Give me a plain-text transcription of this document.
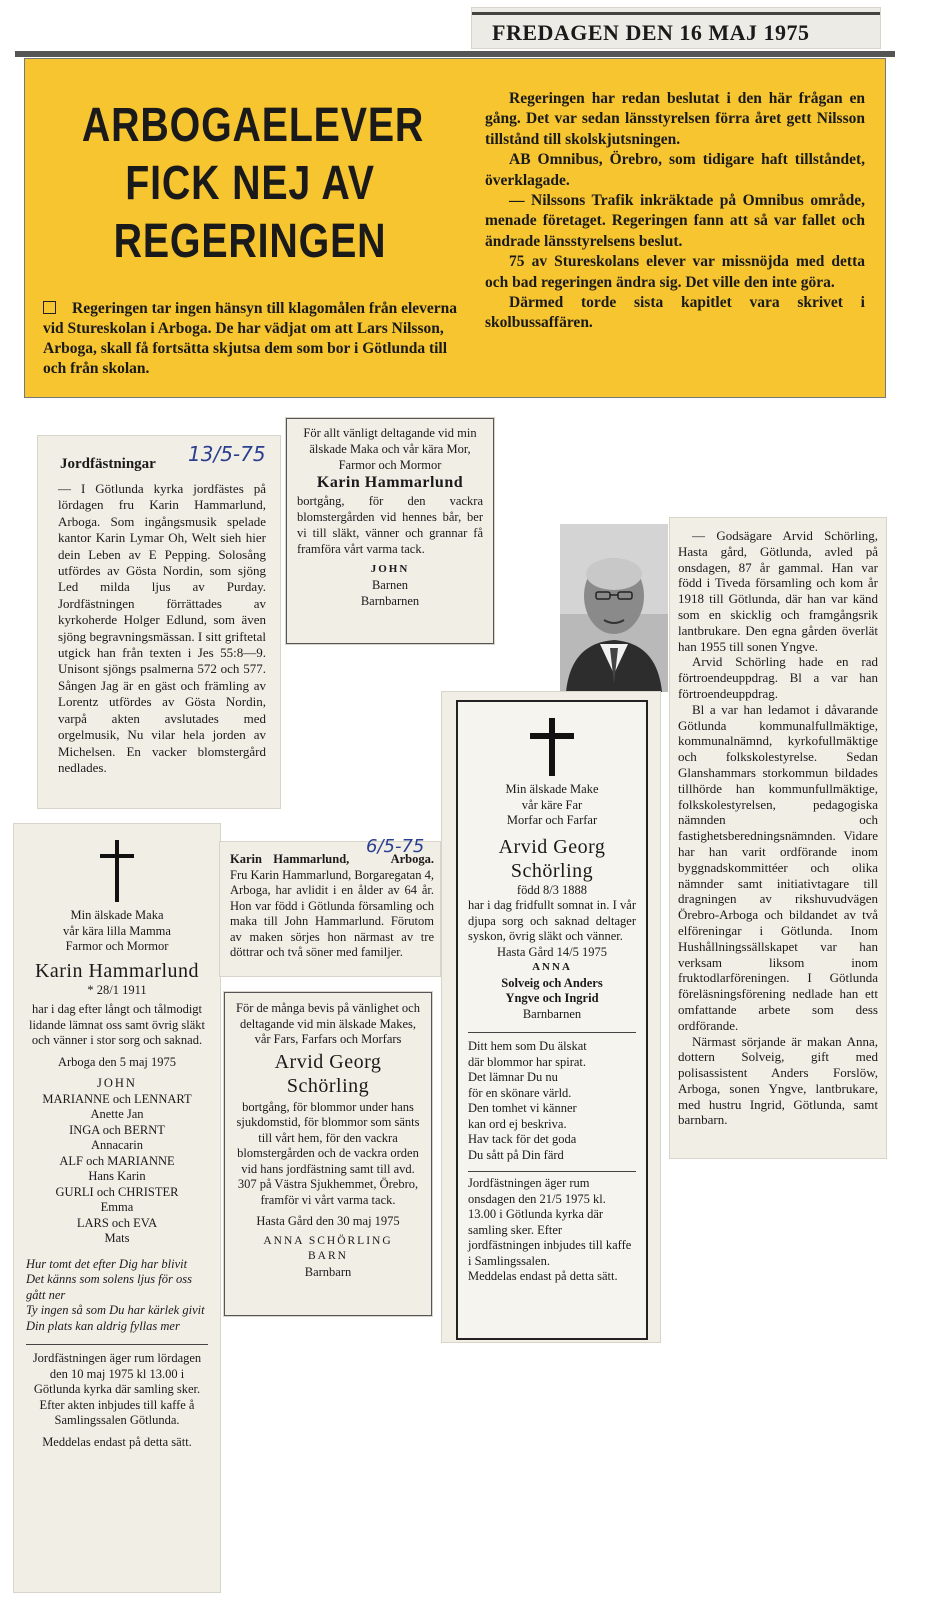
FREDAGEN DEN 16 MAJ 1975
ARBOGAELEVER
FICK NEJ AV
REGERINGEN
Regeringen tar ingen hänsyn till klagomålen från eleverna vid Stureskolan i Arboga. De har vädjat om att Lars Nilsson, Arboga, skall få fortsätta skjutsa dem som bor i Götlunda till och från skolan.

Regeringen har redan beslutat i den här frågan en gång. Det var sedan länsstyrelsen förra året gett Nilsson tillstånd till skolskjutsningen.

AB Omnibus, Örebro, som tidigare haft tillståndet, överklagade.

— Nilssons Trafik inkräktade på Omnibus område, menade företaget. Regeringen fann att så var fallet och ändrade länsstyrelsens beslut.

75 av Stureskolans elever var missnöjda med detta och bad regeringen ändra sig. Det ville den inte göra.

Därmed torde sista kapitlet vara skrivet i skolbussaffären.

Jordfästningar	13/5-75
— I Götlunda kyrka jordfästes på lördagen fru Karin Hammarlund, Arboga. Som ingångsmusik spelade kantor Karin Lymar Oh, Welt sieh hier dein Leben av E Pepping. Solosång utfördes av Gösta Nordin, som sjöng Led milda ljus av Purday. Jordfästningen förrättades av kyrkoherde Holger Edlund, som även sjöng begravningsmässan. I sitt griftetal utgick han från texten i Jes 55:8—9. Unisont sjöngs psalmerna 572 och 577. Sången Jag är en gäst och främling av Lorentz utfördes av Gösta Nordin, varpå akten avslutades med orgelmusik, Nu vilar hela jorden av Michelsen. En vacker blomstergård nedlades.
För allt vänligt deltagande vid min älskade Maka och vår kära Mor, Farmor och Mormor
Karin Hammarlund
bortgång, för den vackra blomstergården vid hennes bår, ber vi till släkt, vänner och grannar få framföra vårt varma tack.
JOHN
Barnen
Barnbarnen
— Godsägare Arvid Schörling, Hasta gård, Götlunda, avled på onsdagen, 87 år gammal. Han var född i Tiveda församling och kom år 1918 till Götlunda, där han var känd som en skicklig och framgångsrik lantbrukare. Den egna gården överlät han 1955 till sonen Yngve.
Arvid Schörling hade en rad förtroendeuppdrag. Bl a var han förtroendeuppdrag.
Bl a var han ledamot i dåvarande Götlunda kommunalfullmäktige, kommunalnämnd, kyrkofullmäktige och folkskolestyrelse. Sedan Glanshammars storkommun bildades tillhörde han kommunfullmäktige, folkskolestyrelsen, pedagogiska nämnden och fastighetsberedningsnämnden. Vidare har han varit ordförande inom byggnadskommittéer och olika nämnder samt initiativtagare till dragningen av rikshuvudvägen Örebro-Arboga och bildandet av två elföreningar i Götlunda. Inom Hushållningssällskapet var han verksam liksom inom fruktodlarföreningen. I Götlunda föreläsningsförening nedlade han ett omfattande arbete som dess ordförande.
Närmast sörjande är makan Anna, dottern Solveig, gift med polisassistent Anders Forslöw, Arboga, sonen Yngve, lantbrukare, med hustru Ingrid, Götlunda, samt barnbarn.
Min älskade Make
vår käre Far
Morfar och Farfar
Arvid Georg
Schörling
född 8/3 1888
har i dag fridfullt somnat in. I vår djupa sorg och saknad deltager syskon, övrig släkt och vänner.
Hasta Gård 14/5 1975
ANNA
Solveig och Anders
Yngve och Ingrid
Barnbarnen
Ditt hem som Du älskat
där blommor har spirat.
Det lämnar Du nu
för en skönare värld.
Den tomhet vi känner
kan ord ej beskriva.
Hav tack för det goda
Du sått på Din färd
Jordfästningen äger rum onsdagen den 21/5 1975 kl. 13.00 i Götlunda kyrka där samling sker. Efter jordfästningen inbjudes till kaffe i Samlingssalen.
Meddelas endast på detta sätt.
Min älskade Maka
vår kära lilla Mamma
Farmor och Mormor
Karin Hammarlund
* 28/1 1911
har i dag efter långt och tålmodigt lidande lämnat oss samt övrig släkt och vänner i stor sorg och saknad.
Arboga den 5 maj 1975
JOHN
MARIANNE och LENNART
Anette Jan
INGA och BERNT
Annacarin
ALF och MARIANNE
Hans Karin
GURLI och CHRISTER
Emma
LARS och EVA
Mats
Hur tomt det efter Dig har blivit
Det känns som solens ljus för oss gått ner
Ty ingen så som Du har kärlek givit
Din plats kan aldrig fyllas mer
Jordfästningen äger rum lördagen den 10 maj 1975 kl 13.00 i Götlunda kyrka där samling sker. Efter akten inbjudes till kaffe å Samlingssalen Götlunda.
Meddelas endast på detta sätt.
6/5-75
Karin Hammarlund,	Arboga. Fru Karin Hammarlund, Borgaregatan 4, Arboga, har avlidit i en ålder av 64 år. Hon var född i Götlunda församling och maka till John Hammarlund. Förutom av maken sörjes hon närmast av tre döttrar och två söner med familjer.
För de många bevis på vänlighet och deltagande vid min älskade Makes, vår Fars, Farfars och Morfars
Arvid Georg
Schörling
bortgång, för blommor under hans sjukdomstid, för blommor som sänts till vårt hem, för den vackra blomstergården och de vackra orden vid hans jordfästning samt till avd. 307 på Västra Sjukhemmet, Örebro, framför vi vårt varma tack.
Hasta Gård den 30 maj 1975
ANNA SCHÖRLING
BARN
Barnbarn
